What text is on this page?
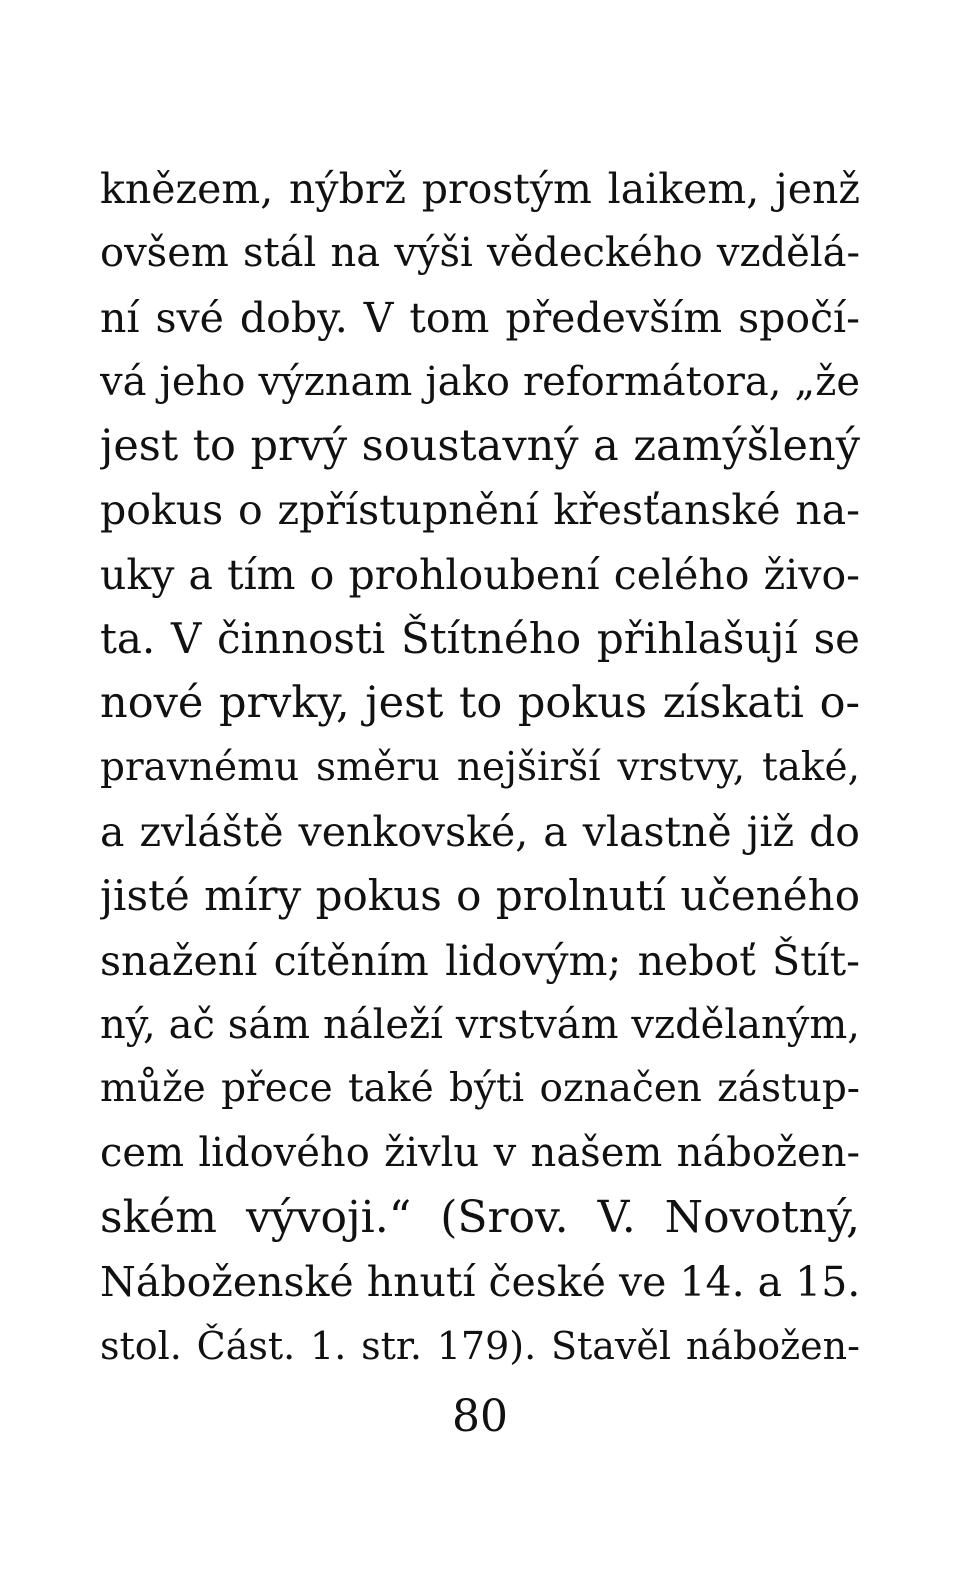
knězem, nýbrž prostým laikem, jenž
ovšem stál na výši vědeckého vzdělá-
ní své doby. V tom především spočí-
vá jeho význam jako reformátora, „že
jest to prvý soustavný a zamýšlený
pokus o zpřístupnění křesťanské na-
uky a tím o prohloubení celého živo-
ta. V činnosti Štítného přihlašují se
nové prvky, jest to pokus získati o-
pravnému směru nejširší vrstvy, také,
a zvláště venkovské, a vlastně již do
jisté míry pokus o prolnutí učeného
snažení cítěním lidovým; neboť Štít-
ný, ač sám náleží vrstvám vzdělaným,
může přece také býti označen zástup-
cem lidového živlu v našem nábožen-
ském vývoji.“ (Srov. V. Novotný,
Náboženské hnutí české ve 14. a 15.
stol. Část. 1. str. 179). Stavěl nábožen-
80
